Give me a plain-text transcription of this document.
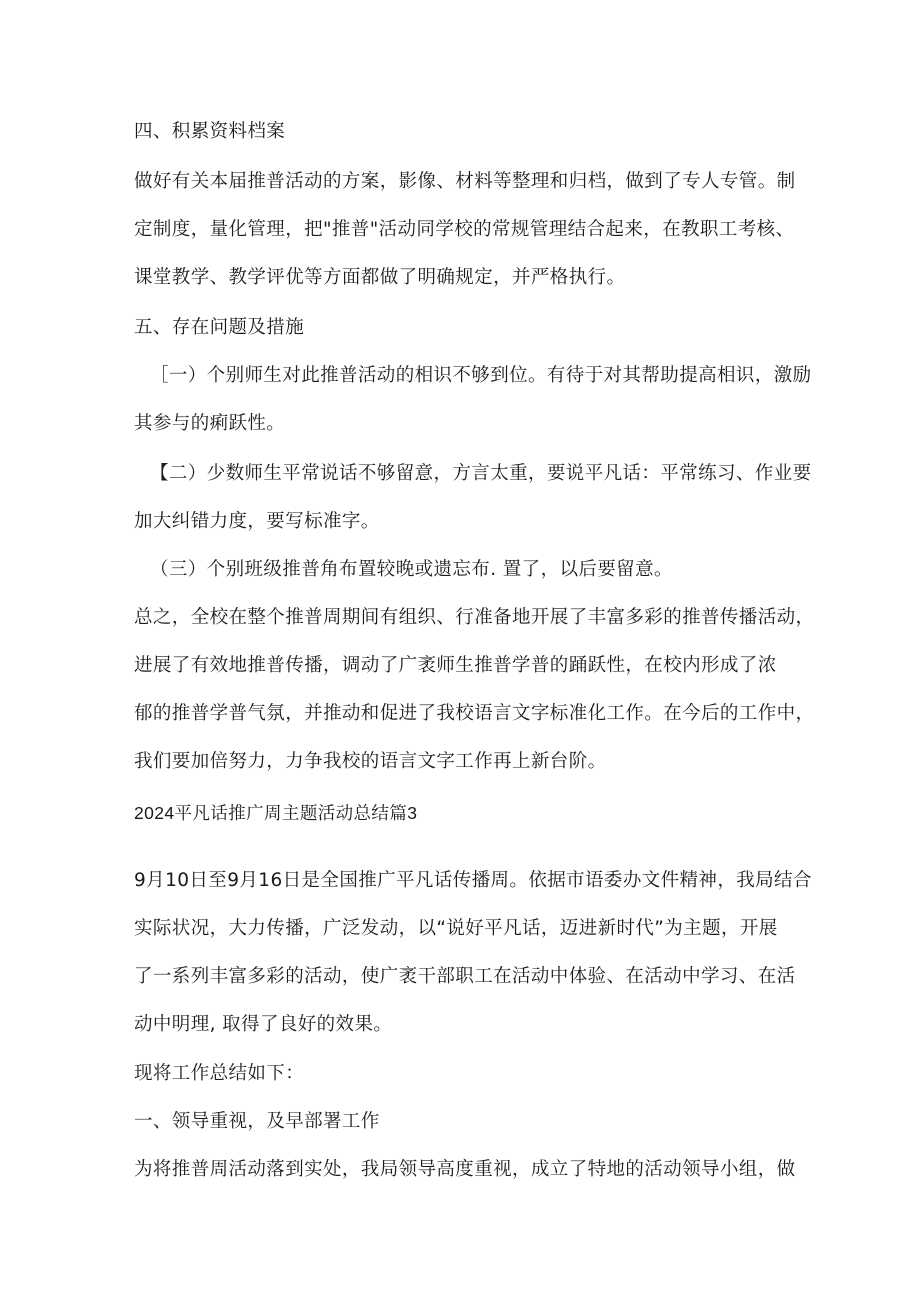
四、积累资料档案
做好有关本届推普活动的方案，影像、材料等整理和归档，做到了专人专管。制
定制度，量化管理，把"推普"活动同学校的常规管理结合起来，在教职工考核、
课堂教学、教学评优等方面都做了明确规定，并严格执行。
五、存在问题及措施
［一）个别师生对此推普活动的相识不够到位。有待于对其帮助提高相识，激励
其参与的痢跃性。
【二）少数师生平常说话不够留意，方言太重，要说平凡话：平常练习、作业要
加大纠错力度，要写标准字。
（三）个别班级推普角布置较晚或遗忘布. 置了，以后要留意。
总之，全校在整个推普周期间有组织、行准备地开展了丰富多彩的推普传播活动，
进展了有效地推普传播，调动了广袤师生推普学普的踊跃性，在校内形成了浓
郁的推普学普气氛，并推动和促进了我校语言文字标准化工作。在今后的工作中，
我们要加倍努力，力争我校的语言文字工作再上新台阶。
2024平凡话推广周主题活动总结篇3
9月10日至9月16日是全国推广平凡话传播周。依据市语委办文件精神，我局结合
实际状况，大力传播，广泛发动，以“说好平凡话，迈进新时代”为主题，开展
了一系列丰富多彩的活动，使广袤干部职工在活动中体验、在活动中学习、在活
动中明理, 取得了良好的效果。
现将工作总结如下：
一、领导重视，及早部署工作
为将推普周活动落到实处，我局领导高度重视，成立了特地的活动领导小组，做
